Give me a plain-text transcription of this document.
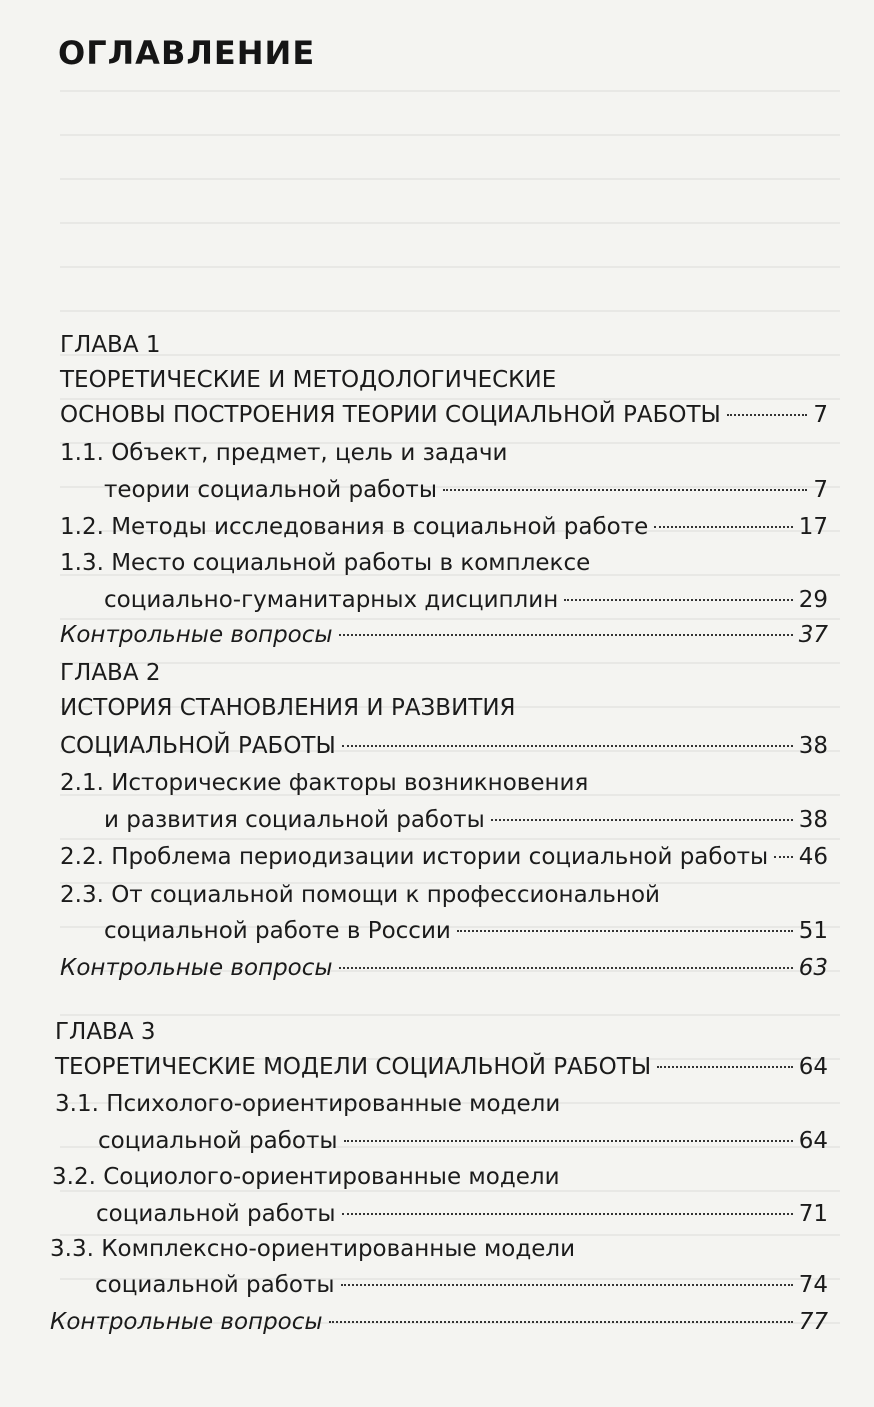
ОГЛАВЛЕНИЕ
ГЛАВА 1
ТЕОРЕТИЧЕСКИЕ И МЕТОДОЛОГИЧЕСКИЕ
ОСНОВЫ ПОСТРОЕНИЯ ТЕОРИИ СОЦИАЛЬНОЙ РАБОТЫ	7
1.1. Объект, предмет, цель и задачи
теории социальной работы	7
1.2. Методы исследования в социальной работе	17
1.3. Место социальной работы в комплексе
социально-гуманитарных дисциплин	29
Контрольные вопросы	37
ГЛАВА 2
ИСТОРИЯ СТАНОВЛЕНИЯ И РАЗВИТИЯ
СОЦИАЛЬНОЙ РАБОТЫ	38
2.1. Исторические факторы возникновения
и развития социальной работы	38
2.2. Проблема периодизации истории социальной работы 46
2.3. От социальной помощи к профессиональной
социальной работе в России	51
Контрольные вопросы	63
ГЛАВА 3
ТЕОРЕТИЧЕСКИЕ МОДЕЛИ СОЦИАЛЬНОЙ РАБОТЫ	64
3.1. Психолого-ориентированные модели
социальной работы	64
3.2. Социолого-ориентированные модели
социальной работы	71
3.3. Комплексно-ориентированные модели
социальной работы	74
Контрольные вопросы	77
